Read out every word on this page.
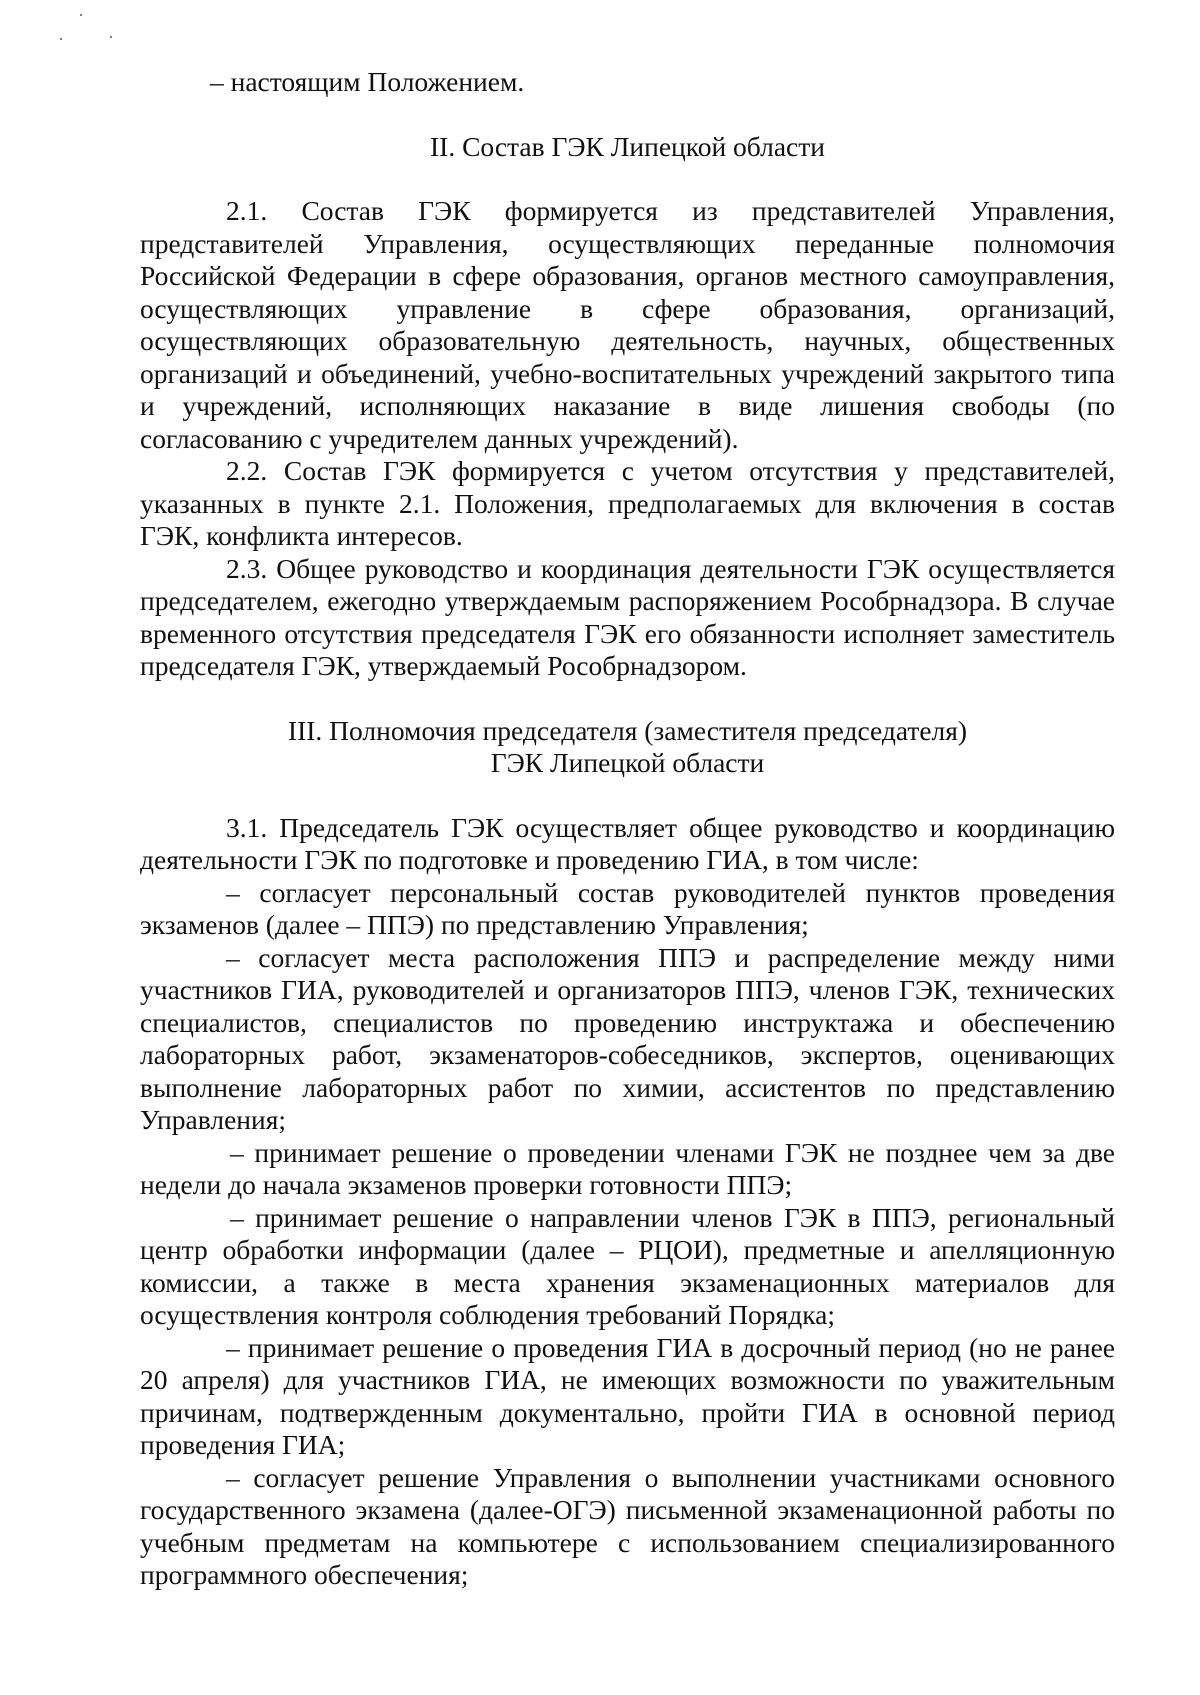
– настоящим Положением.

II. Состав ГЭК Липецкой области

2.1. Состав ГЭК формируется из представителей Управления, представителей Управления, осуществляющих переданные полномочия Российской Федерации в сфере образования, органов местного самоуправления, осуществляющих управление в сфере образования, организаций, осуществляющих образовательную деятельность, научных, общественных организаций и объединений, учебно-воспитательных учреждений закрытого типа и учреждений, исполняющих наказание в виде лишения свободы (по согласованию с учредителем данных учреждений).

2.2. Состав ГЭК формируется с учетом отсутствия у представителей, указанных в пункте 2.1. Положения, предполагаемых для включения в состав ГЭК, конфликта интересов.

2.3. Общее руководство и координация деятельности ГЭК осуществляется председателем, ежегодно утверждаемым распоряжением Рособрнадзора. В случае временного отсутствия председателя ГЭК его обязанности исполняет заместитель председателя ГЭК, утверждаемый Рособрнадзором.

III. Полномочия председателя (заместителя председателя)
ГЭК Липецкой области

3.1. Председатель ГЭК осуществляет общее руководство и координацию деятельности ГЭК по подготовке и проведению ГИА, в том числе:

– согласует персональный состав руководителей пунктов проведения экзаменов (далее – ППЭ) по представлению Управления;

– согласует места расположения ППЭ и распределение между ними участников ГИА, руководителей и организаторов ППЭ, членов ГЭК, технических специалистов, специалистов по проведению инструктажа и обеспечению лабораторных работ, экзаменаторов-собеседников, экспертов, оценивающих выполнение лабораторных работ по химии, ассистентов по представлению Управления;

– принимает решение о проведении членами ГЭК не позднее чем за две недели до начала экзаменов проверки готовности ППЭ;

– принимает решение о направлении членов ГЭК в ППЭ, региональный центр обработки информации (далее – РЦОИ), предметные и апелляционную комиссии, а также в места хранения экзаменационных материалов для осуществления контроля соблюдения требований Порядка;

– принимает решение о проведения ГИА в досрочный период (но не ранее 20 апреля) для участников ГИА, не имеющих возможности по уважительным причинам, подтвержденным документально, пройти ГИА в основной период проведения ГИА;

– согласует решение Управления о выполнении участниками основного государственного экзамена (далее-ОГЭ) письменной экзаменационной работы по учебным предметам на компьютере с использованием специализированного программного обеспечения;
